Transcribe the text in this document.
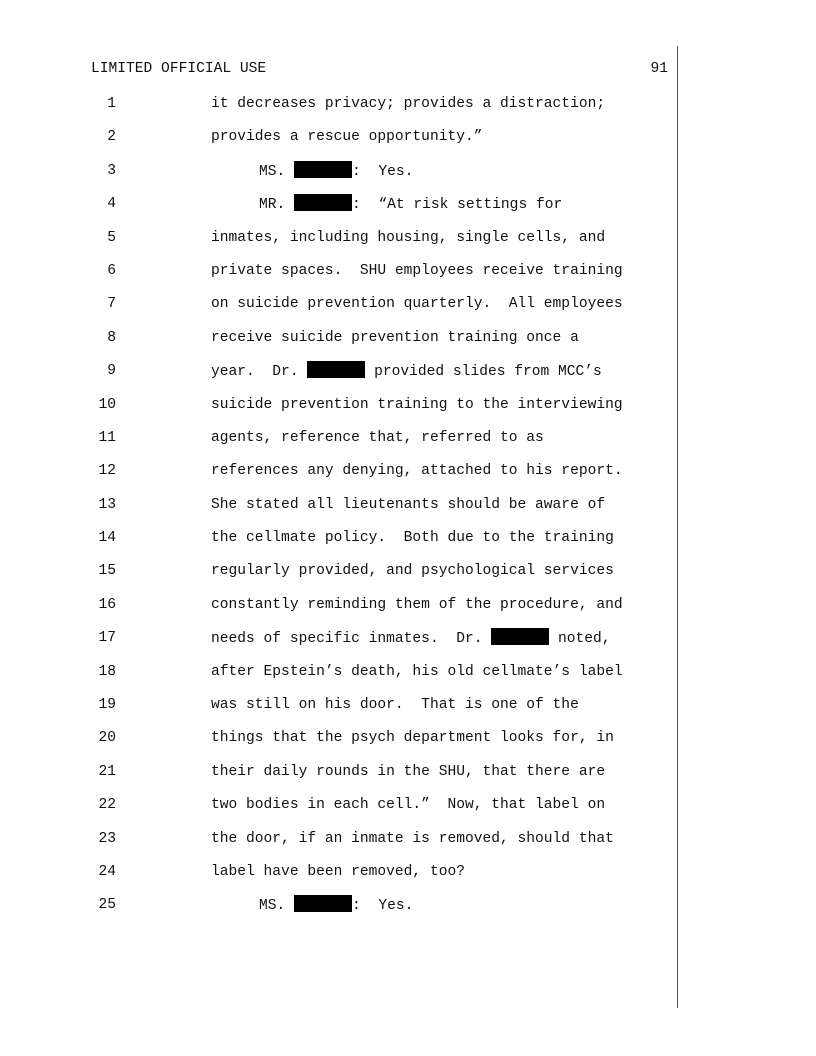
LIMITED OFFICIAL USE	91
1	it decreases privacy; provides a distraction;
2	provides a rescue opportunity.”
3	MS.	:  Yes.
4	MR.	:  “At risk settings for
5	inmates, including housing, single cells, and
6	private spaces.  SHU employees receive training
7	on suicide prevention quarterly.  All employees
8	receive suicide prevention training once a
9	year.  Dr.	provided slides from MCC’s
10	suicide prevention training to the interviewing
11	agents, reference that, referred to as
12	references any denying, attached to his report.
13	She stated all lieutenants should be aware of
14	the cellmate policy.  Both due to the training
15	regularly provided, and psychological services
16	constantly reminding them of the procedure, and
17	needs of specific inmates.  Dr.	noted,
18	after Epstein’s death, his old cellmate’s label
19	was still on his door.  That is one of the
20	things that the psych department looks for, in
21	their daily rounds in the SHU, that there are
22	two bodies in each cell.”  Now, that label on
23	the door, if an inmate is removed, should that
24	label have been removed, too?
25	MS.	:  Yes.
